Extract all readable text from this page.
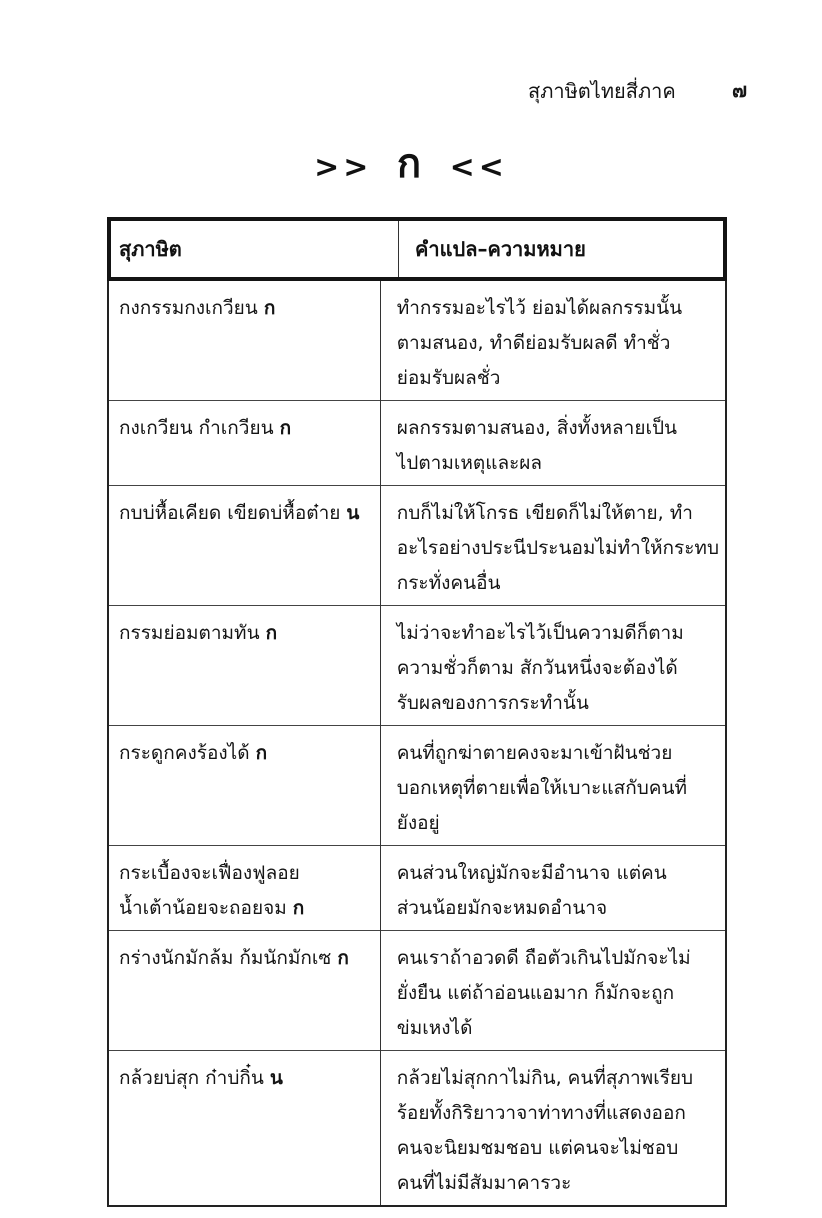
สุภาษิตไทยสี่ภาค	๗
>> ก <<
สุภาษิต	คำแปล–ความหมาย
กงกรรมกงเกวียน ก	ทำกรรมอะไรไว้ ย่อมได้ผลกรรมนั้น
ตามสนอง, ทำดีย่อมรับผลดี ทำชั่ว
ย่อมรับผลชั่ว

กงเกวียน กำเกวียน ก	ผลกรรมตามสนอง, สิ่งทั้งหลายเป็น
ไปตามเหตุและผล

กบบ่หื้อเคียด เขียดบ่หื้อต๋าย น	กบก็ไม่ให้โกรธ เขียดก็ไม่ให้ตาย, ทำ
อะไรอย่างประนีประนอมไม่ทำให้กระทบ
กระทั่งคนอื่น

กรรมย่อมตามทัน ก	ไม่ว่าจะทำอะไรไว้เป็นความดีก็ตาม
ความชั่วก็ตาม สักวันหนึ่งจะต้องได้
รับผลของการกระทำนั้น

กระดูกคงร้องได้ ก	คนที่ถูกฆ่าตายคงจะมาเข้าฝันช่วย
บอกเหตุที่ตายเพื่อให้เบาะแสกับคนที่
ยังอยู่

กระเบื้องจะเฟื่องฟูลอย
น้ำเต้าน้อยจะถอยจม ก	คนส่วนใหญ่มักจะมีอำนาจ แต่คน
ส่วนน้อยมักจะหมดอำนาจ

กร่างนักมักล้ม ก้มนักมักเซ ก	คนเราถ้าอวดดี ถือตัวเกินไปมักจะไม่
ยั่งยืน แต่ถ้าอ่อนแอมาก ก็มักจะถูก
ข่มเหงได้

กล้วยบ่สุก ก๋าบ่กิ๋น น	กล้วยไม่สุกกาไม่กิน, คนที่สุภาพเรียบ
ร้อยทั้งกิริยาวาจาท่าทางที่แสดงออก
คนจะนิยมชมชอบ แต่คนจะไม่ชอบ
คนที่ไม่มีสัมมาคารวะ
